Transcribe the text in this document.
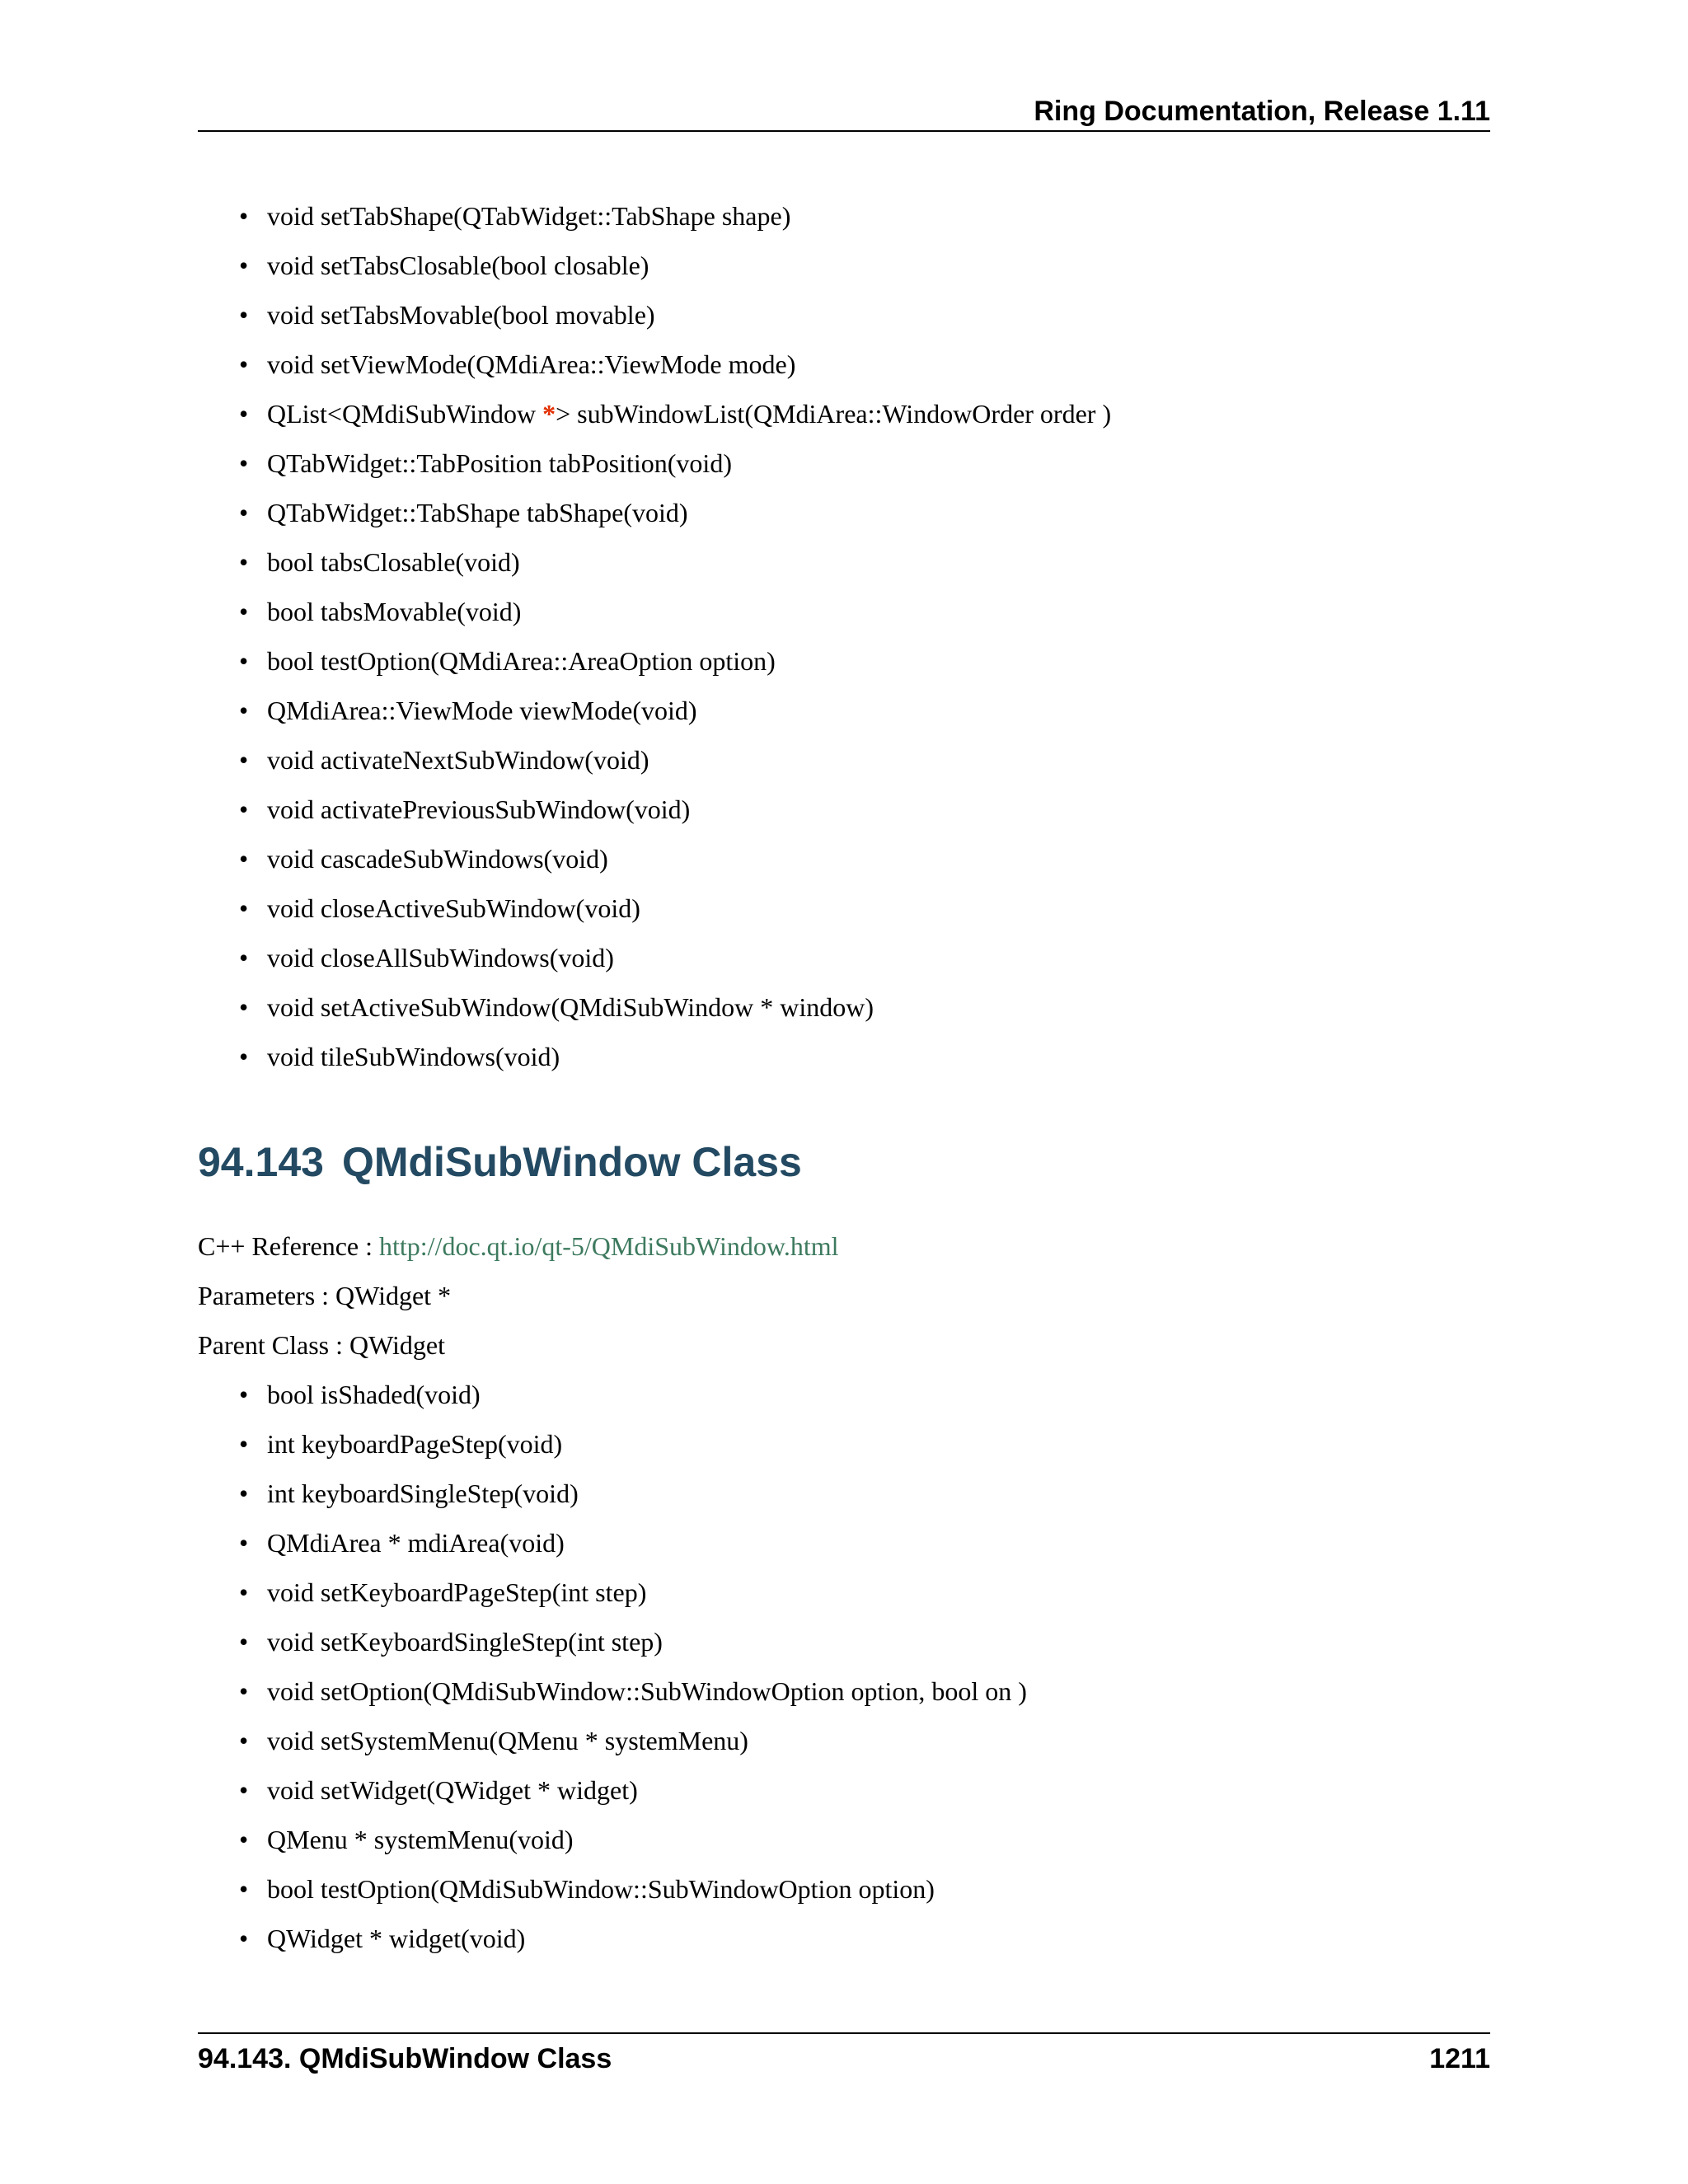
Ring Documentation, Release 1.11
• void setTabShape(QTabWidget::TabShape shape)
• void setTabsClosable(bool closable)
• void setTabsMovable(bool movable)
• void setViewMode(QMdiArea::ViewMode mode)
• QList<QMdiSubWindow *> subWindowList(QMdiArea::WindowOrder order )
• QTabWidget::TabPosition tabPosition(void)
• QTabWidget::TabShape tabShape(void)
• bool tabsClosable(void)
• bool tabsMovable(void)
• bool testOption(QMdiArea::AreaOption option)
• QMdiArea::ViewMode viewMode(void)
• void activateNextSubWindow(void)
• void activatePreviousSubWindow(void)
• void cascadeSubWindows(void)
• void closeActiveSubWindow(void)
• void closeAllSubWindows(void)
• void setActiveSubWindow(QMdiSubWindow * window)
• void tileSubWindows(void)
94.143 QMdiSubWindow Class
C++ Reference : http://doc.qt.io/qt-5/QMdiSubWindow.html
Parameters : QWidget *
Parent Class : QWidget
• bool isShaded(void)
• int keyboardPageStep(void)
• int keyboardSingleStep(void)
• QMdiArea * mdiArea(void)
• void setKeyboardPageStep(int step)
• void setKeyboardSingleStep(int step)
• void setOption(QMdiSubWindow::SubWindowOption option, bool on )
• void setSystemMenu(QMenu * systemMenu)
• void setWidget(QWidget * widget)
• QMenu * systemMenu(void)
• bool testOption(QMdiSubWindow::SubWindowOption option)
• QWidget * widget(void)
94.143. QMdiSubWindow Class	1211
